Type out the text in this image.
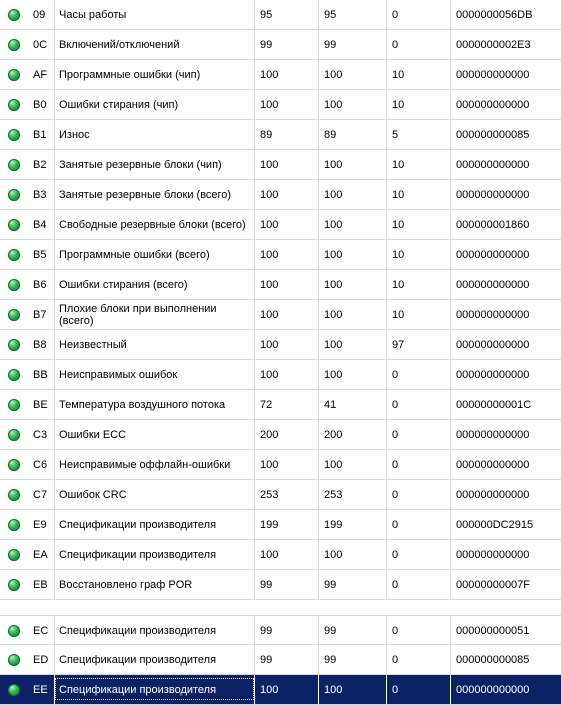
09	Часы работы	95	95	0	0000000056DB
0C	Включений/отключений	99	99	0	0000000002E3
AF	Программные ошибки (чип)	100	100	10	000000000000
B0	Ошибки стирания (чип)	100	100	10	000000000000
B1	Износ	89	89	5	000000000085
B2	Занятые резервные блоки (чип)	100	100	10	000000000000
B3	Занятые резервные блоки (всего)	100	100	10	000000000000
B4	Свободные резервные блоки (всего)	100	100	10	000000001860
B5	Программные ошибки (всего)	100	100	10	000000000000
B6	Ошибки стирания (всего)	100	100	10	000000000000
B7	Плохие блоки при выполнении (всего)	100	100	10	000000000000
B8	Неизвестный	100	100	97	000000000000
BB	Неисправимых ошибок	100	100	0	000000000000
BE	Температура воздушного потока	72	41	0	00000000001C
C3	Ошибки ECC	200	200	0	000000000000
C6	Неисправимые оффлайн-ошибки	100	100	0	000000000000
C7	Ошибок CRC	253	253	0	000000000000
E9	Спецификации производителя	199	199	0	000000DC2915
EA	Спецификации производителя	100	100	0	000000000000
EB	Восстановлено граф POR	99	99	0	00000000007F
EC Спецификации производителя	99	99	0	000000000051
ED Спецификации производителя	99	99	0	000000000085
EE	Спецификации производителя	100	100	0	000000000000
